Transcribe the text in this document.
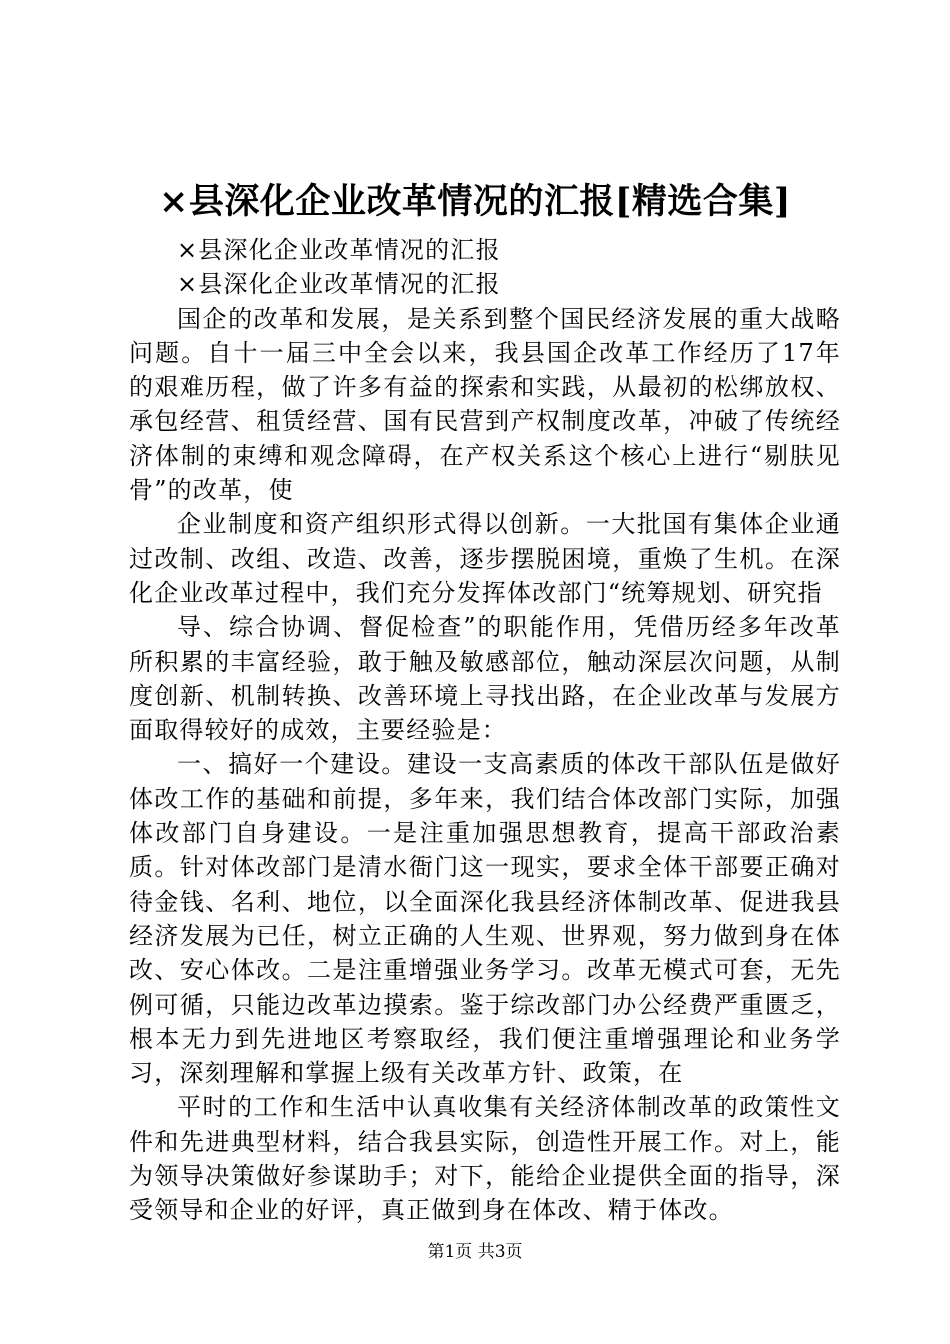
×县深化企业改革情况的汇报[精选合集]

×县深化企业改革情况的汇报

×县深化企业改革情况的汇报

国企的改革和发展，是关系到整个国民经济发展的重大战略问题。自十一届三中全会以来，我县国企改革工作经历了17年的艰难历程，做了许多有益的探索和实践，从最初的松绑放权、承包经营、租赁经营、国有民营到产权制度改革，冲破了传统经济体制的束缚和观念障碍，在产权关系这个核心上进行“剔肤见骨”的改革，使

企业制度和资产组织形式得以创新。一大批国有集体企业通过改制、改组、改造、改善，逐步摆脱困境，重焕了生机。在深化企业改革过程中，我们充分发挥体改部门“统筹规划、研究指

导、综合协调、督促检查”的职能作用，凭借历经多年改革所积累的丰富经验，敢于触及敏感部位，触动深层次问题，从制度创新、机制转换、改善环境上寻找出路，在企业改革与发展方面取得较好的成效，主要经验是：

一、搞好一个建设。建设一支高素质的体改干部队伍是做好体改工作的基础和前提，多年来，我们结合体改部门实际，加强体改部门自身建设。一是注重加强思想教育，提高干部政治素质。针对体改部门是清水衙门这一现实，要求全体干部要正确对待金钱、名利、地位，以全面深化我县经济体制改革、促进我县经济发展为已任，树立正确的人生观、世界观，努力做到身在体改、安心体改。二是注重增强业务学习。改革无模式可套，无先例可循，只能边改革边摸索。鉴于综改部门办公经费严重匮乏，根本无力到先进地区考察取经，我们便注重增强理论和业务学习，深刻理解和掌握上级有关改革方针、政策，在

平时的工作和生活中认真收集有关经济体制改革的政策性文件和先进典型材料，结合我县实际，创造性开展工作。对上，能为领导决策做好参谋助手；对下，能给企业提供全面的指导，深受领导和企业的好评，真正做到身在体改、精于体改。

第1页 共3页
